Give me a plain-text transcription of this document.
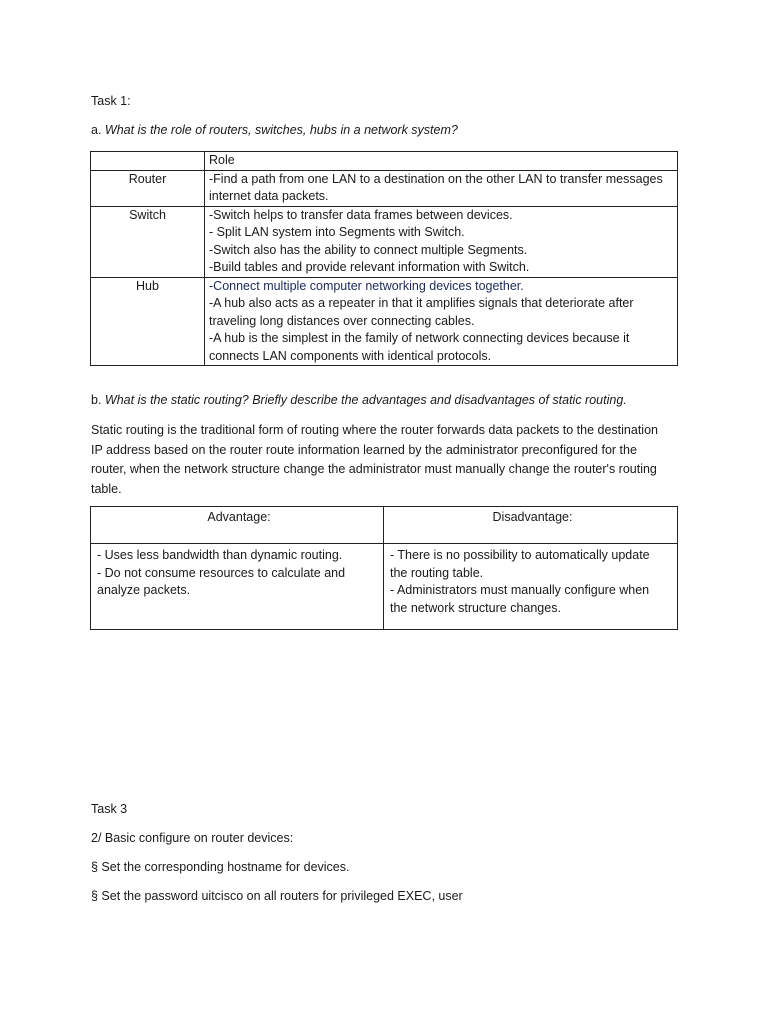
Task 1:

a. What is the role of routers, switches, hubs in a network system?

	Role
Router	-Find a path from one LAN to a destination on the other LAN to transfer messages
internet data packets.

Switch	-Switch helps to transfer data frames between devices.
- Split LAN system into Segments with Switch.
-Switch also has the ability to connect multiple Segments.
-Build tables and provide relevant information with Switch.

Hub	-Connect multiple computer networking devices together.
-A hub also acts as a repeater in that it amplifies signals that deteriorate after
traveling long distances over connecting cables.
-A hub is the simplest in the family of network connecting devices because it
connects LAN components with identical protocols.

b. What is the static routing? Briefly describe the advantages and disadvantages of static routing.

Static routing is the traditional form of routing where the router forwards data packets to the destination
IP address based on the router route information learned by the administrator preconfigured for the
router, when the network structure change the administrator must manually change the router's routing
table.
Advantage:	Disadvantage:

- Uses less bandwidth than dynamic routing.
- Do not consume resources to calculate and
analyze packets.	- There is no possibility to automatically update
the routing table.
- Administrators must manually configure when
the network structure changes.

Task 3

2/ Basic configure on router devices:

§ Set the corresponding hostname for devices.

§ Set the password uitcisco on all routers for privileged EXEC, user
